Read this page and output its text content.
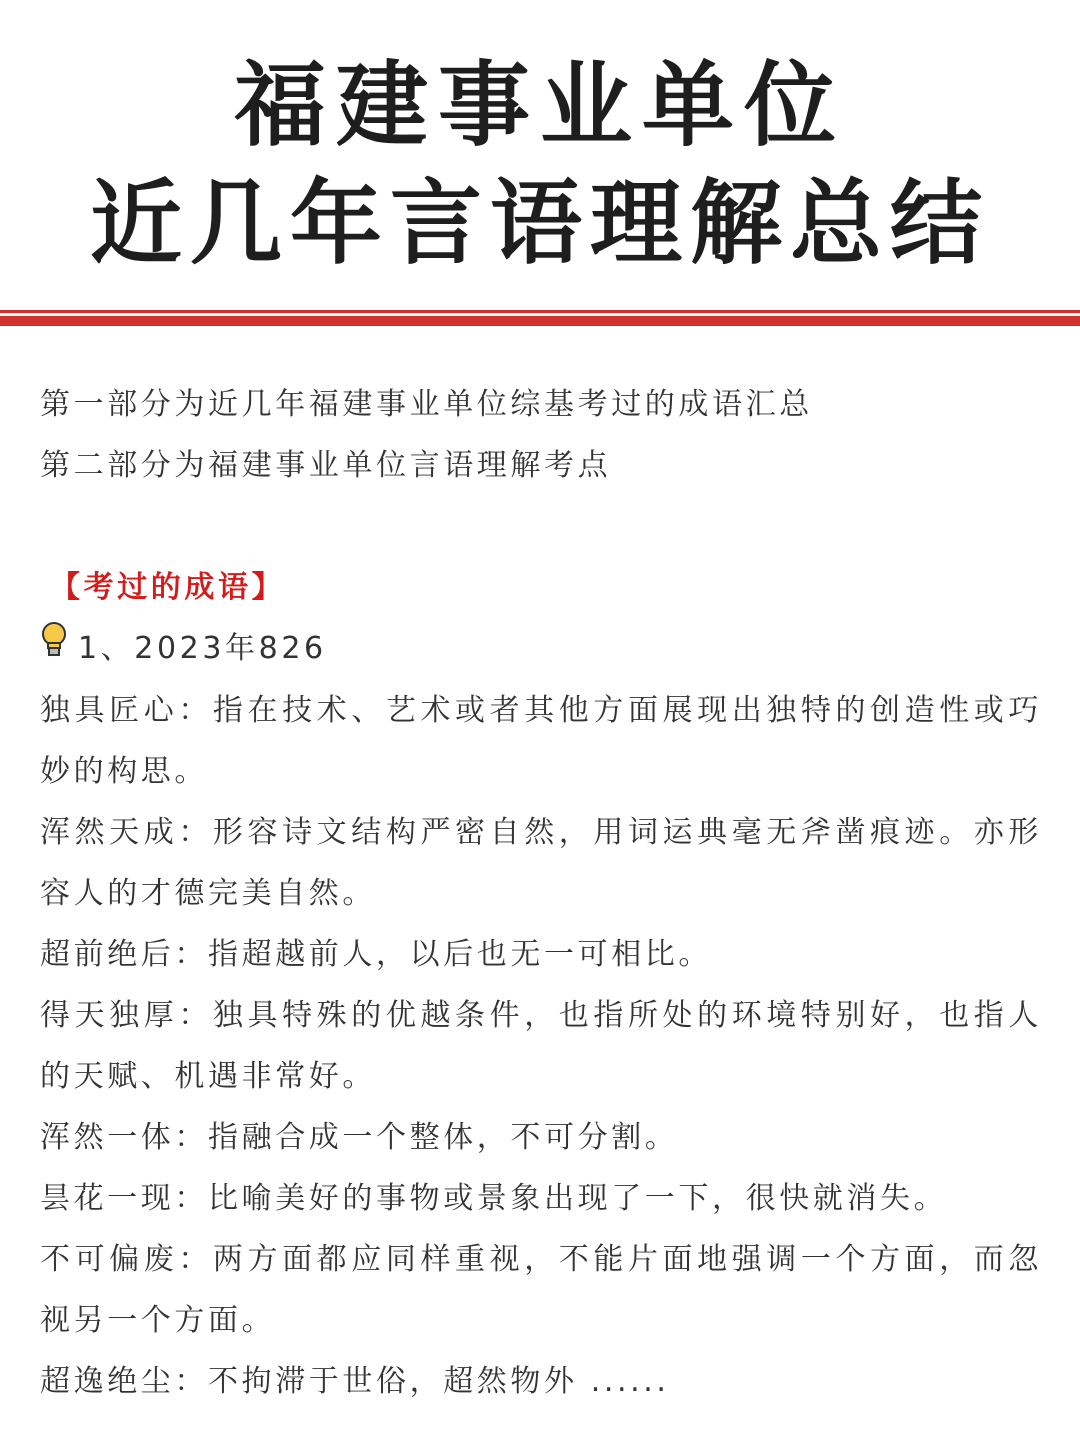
福建事业单位
近几年言语理解总结

第一部分为近几年福建事业单位综基考过的成语汇总

第二部分为福建事业单位言语理解考点

【考过的成语】

1、2023年826

独具匠心：指在技术、艺术或者其他方面展现出独特的创造性或巧妙的构思。

浑然天成：形容诗文结构严密自然，用词运典毫无斧凿痕迹。亦形容人的才德完美自然。

超前绝后：指超越前人，以后也无一可相比。

得天独厚：独具特殊的优越条件，也指所处的环境特别好，也指人的天赋、机遇非常好。

浑然一体：指融合成一个整体，不可分割。

昙花一现：比喻美好的事物或景象出现了一下，很快就消失。

不可偏废：两方面都应同样重视，不能片面地强调一个方面，而忽视另一个方面。

超逸绝尘：不拘滞于世俗，超然物外 ......
